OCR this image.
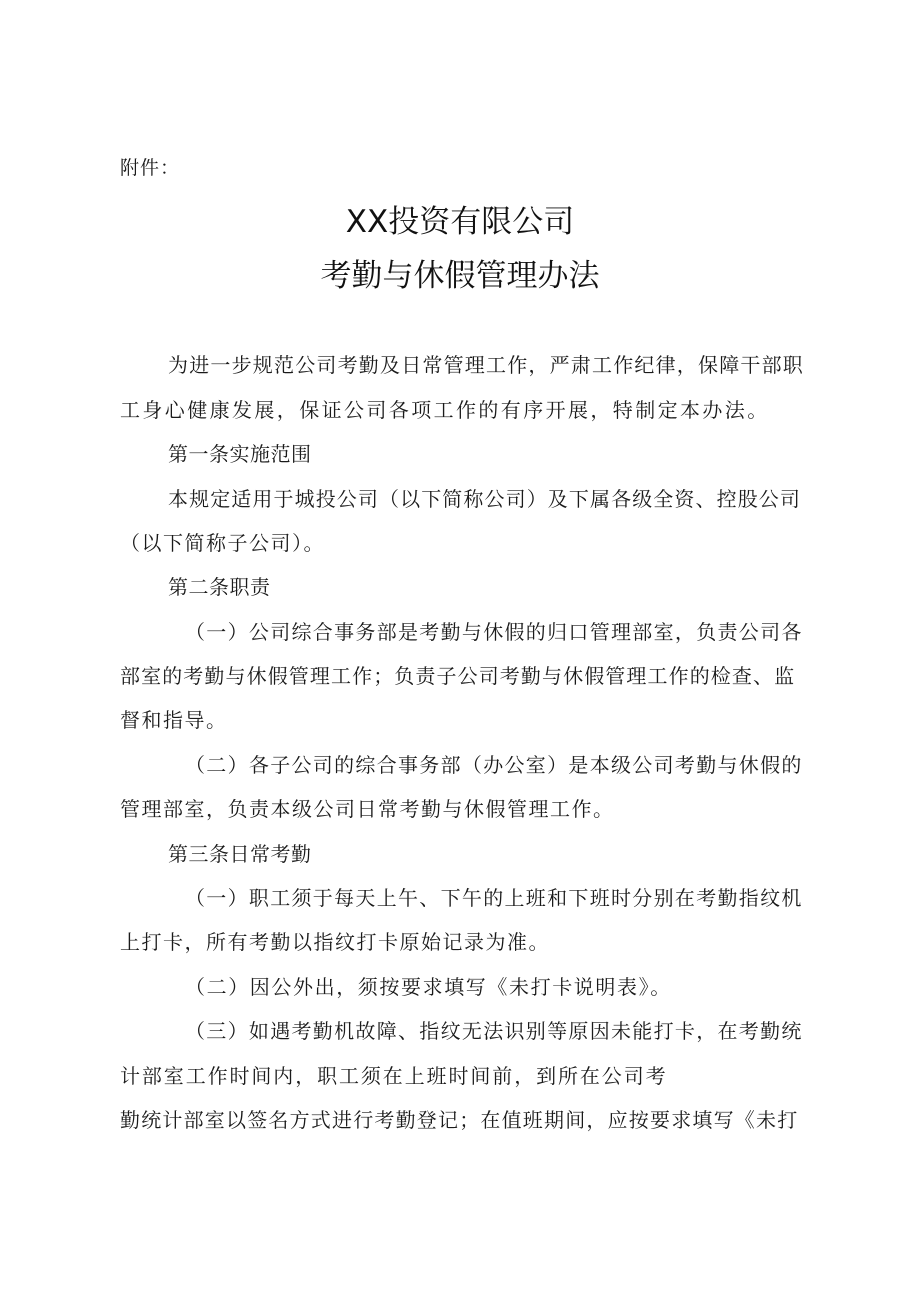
附件：
XX投资有限公司
考勤与休假管理办法
为进一步规范公司考勤及日常管理工作，严肃工作纪律，保障干部职
工身心健康发展，保证公司各项工作的有序开展，特制定本办法。
第一条实施范围
本规定适用于城投公司（以下简称公司）及下属各级全资、控股公司
（以下简称子公司）。
第二条职责
（一）公司综合事务部是考勤与休假的归口管理部室，负责公司各
部室的考勤与休假管理工作；负责子公司考勤与休假管理工作的检查、监
督和指导。
（二）各子公司的综合事务部（办公室）是本级公司考勤与休假的
管理部室，负责本级公司日常考勤与休假管理工作。
第三条日常考勤
（一）职工须于每天上午、下午的上班和下班时分别在考勤指纹机
上打卡，所有考勤以指纹打卡原始记录为准。
（二）因公外出，须按要求填写《未打卡说明表》。
（三）如遇考勤机故障、指纹无法识别等原因未能打卡，在考勤统
计部室工作时间内，职工须在上班时间前，到所在公司考
勤统计部室以签名方式进行考勤登记；在值班期间，应按要求填写《未打
